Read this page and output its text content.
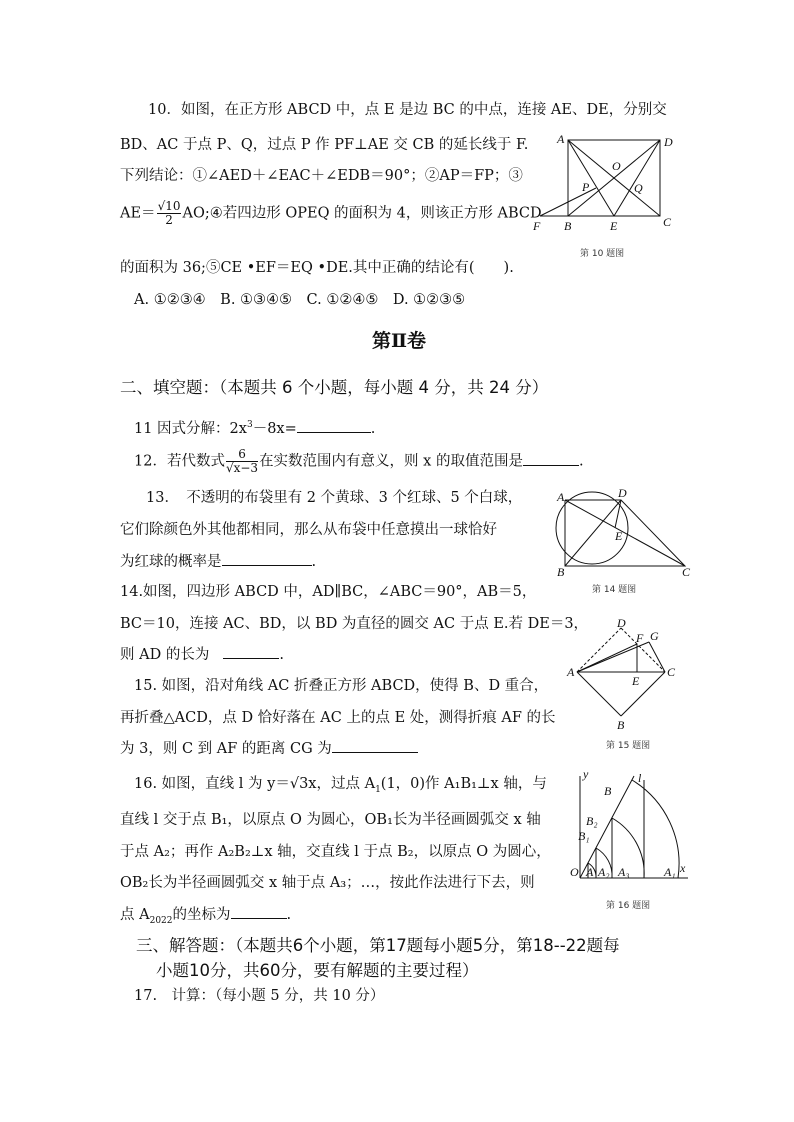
10．如图，在正方形 ABCD 中，点 E 是边 BC 的中点，连接 AE、DE，分别交
BD、AC 于点 P、Q，过点 P 作 PF⊥AE 交 CB 的延长线于 F.
下列结论：①∠AED＋∠EAC＋∠EDB＝90°；②AP＝FP；③
$AE= \frac{√10}{2}$ AO;④若四边形 OPEQ 的面积为 4，则该正方形 ABCD
的面积为 36;⑤CE •EF＝EQ •DE.其中正确的结论有(　　).
A. ①②③④　B. ①③④⑤　C. ①②④⑤　D. ①②③⑤
A	D
O
P	Q
F B	E	C
第 10 题图
第Ⅱ卷
二、填空题：（本题共 6 个小题，每小题 4 分，共 24 分）
11 因式分解：$2x^3-8x=$	.
12．若代数式 $\frac{6}{√x-3}$ 在实数范围内有意义，则 x 的取值范围是	.
13．　不透明的布袋里有 2 个黄球、3 个红球、5 个白球，
它们除颜色外其他都相同，那么从布袋中任意摸出一球恰好
为红球的概率是	.
A	D
E
B	C
第 14 题图
14.如图，四边形 ABCD 中，AD∥BC，∠ABC＝90°，AB＝5，
BC＝10，连接 AC、BD，以 BD 为直径的圆交 AC 于点 E.若 DE＝3，
则 AD 的长为	.
D
F G
A	C
E
B
第 15 题图
15. 如图，沿对角线 AC 折叠正方形 ABCD，使得 B、D 重合，
再折叠△ACD，点 D 恰好落在 AC 上的点 E 处，测得折痕 AF 的长
为 3，则 C 到 AF 的距离 CG 为
16. 如图，直线 l 为 y＝√3x，过点 $A_1(1$，0)作 A₁B₁⊥x 轴，与
直线 l 交于点 B₁，以原点 O 为圆心，OB₁长为半径画圆弧交 x 轴
于点 A₂；再作 A₂B₂⊥x 轴，交直线 l 于点 B₂，以原点 O 为圆心，
OB₂长为半径画圆弧交 x 轴于点 A₃；…，按此作法进行下去，则
点 $A_{2022}$的坐标为	.
y	l
B
B₂
B₁
O A A₂ A₃	A₁ x
第 16 题图
三、解答题：（本题共6个小题，第17题每小题5分，第18--22题每
小题10分，共60分，要有解题的主要过程）
17.　计算：（每小题 5 分，共 10 分）
